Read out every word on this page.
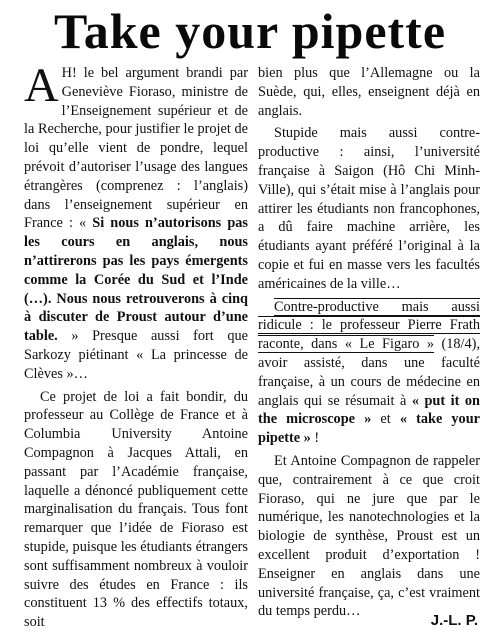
Take your pipette

A H! le bel argument brandi par Geneviève Fioraso, ministre de l’Enseignement supérieur et de la Recherche, pour justifier le projet de loi qu’elle vient de pondre, lequel prévoit d’autoriser l’usage des langues étrangères (comprenez : l’anglais) dans l’enseignement supérieur en France : « Si nous n’autorisons pas les cours en anglais, nous n’attirerons pas les pays émergents comme la Corée du Sud et l’Inde (…). Nous nous retrouverons à cinq à discuter de Proust autour d’une table. » Presque aussi fort que Sarkozy piétinant « La princesse de Clèves »…

Ce projet de loi a fait bondir, du professeur au Collège de France et à Columbia University Antoine Compagnon à Jacques Attali, en passant par l’Académie française, laquelle a dénoncé publiquement cette marginalisation du français. Tous font remarquer que l’idée de Fioraso est stupide, puisque les étudiants étrangers sont suffisamment nombreux à vouloir suivre des études en France : ils constituent 13 % des effectifs totaux, soit

bien plus que l’Allemagne ou la Suède, qui, elles, enseignent déjà en anglais.

Stupide mais aussi contre-productive : ainsi, l’université française à Saigon (Hô Chi Minh-Ville), qui s’était mise à l’anglais pour attirer les étudiants non francophones, a dû faire machine arrière, les étudiants ayant préféré l’original à la copie et fui en masse vers les facultés américaines de la ville…

Contre-productive mais aussi ridicule : le professeur Pierre Frath raconte, dans « Le Figaro » (18/4), avoir assisté, dans une faculté française, à un cours de médecine en anglais qui se résumait à « put it on the microscope » et « take your pipette » !

Et Antoine Compagnon de rappeler que, contrairement à ce que croit Fioraso, qui ne jure que par le numérique, les nanotechnologies et la biologie de synthèse, Proust est un excellent produit d’exportation ! Enseigner en anglais dans une université française, ça, c’est vraiment du temps perdu…

J.-L. P.
